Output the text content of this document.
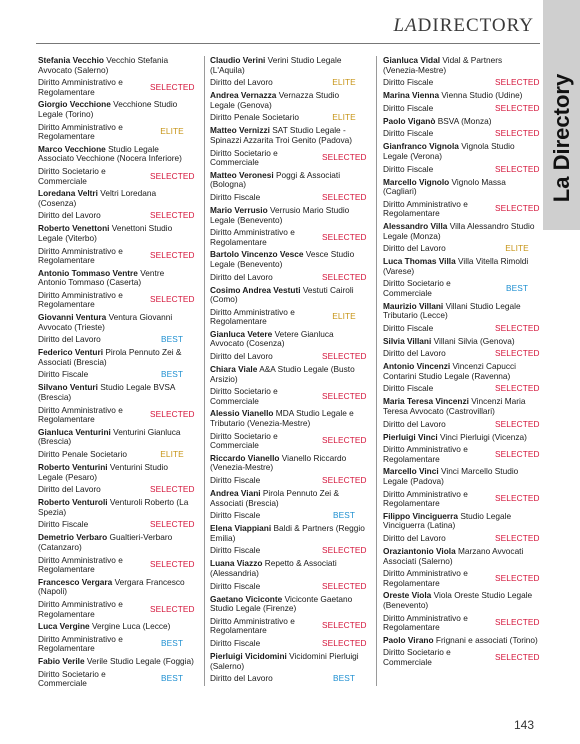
LADIRECTORY
La Directory
Stefania Vecchio Vecchio Stefania Avvocato (Salerno)
Diritto Amministrativo e Regolamentare	SELECTED
Giorgio Vecchione Vecchione Studio Legale (Torino)
Diritto Amministrativo e Regolamentare	ELITE
Marco Vecchione Studio Legale Associato Vecchione (Nocera Inferiore)
Diritto Societario e Commerciale	SELECTED
Loredana Veltri Veltri Loredana (Cosenza)
Diritto del Lavoro	SELECTED
Roberto Venettoni Venettoni Studio Legale (Viterbo)
Diritto Amministrativo e Regolamentare	SELECTED
Antonio Tommaso Ventre Ventre Antonio Tommaso (Caserta)
Diritto Amministrativo e Regolamentare	SELECTED
Giovanni Ventura Ventura Giovanni Avvocato (Trieste)
Diritto del Lavoro	BEST
Federico Venturi Pirola Pennuto Zei & Associati (Brescia)
Diritto Fiscale	BEST
Silvano Venturi Studio Legale BVSA (Brescia)
Diritto Amministrativo e Regolamentare	SELECTED
Gianluca Venturini Venturini Gianluca (Brescia)
Diritto Penale Societario	ELITE
Roberto Venturini Venturini Studio Legale (Pesaro)
Diritto del Lavoro	SELECTED
Roberto Venturoli Venturoli Roberto (La Spezia)
Diritto Fiscale	SELECTED
Demetrio Verbaro Gualtieri-Verbaro (Catanzaro)
Diritto Amministrativo e Regolamentare	SELECTED
Francesco Vergara Vergara Francesco (Napoli)
Diritto Amministrativo e Regolamentare	SELECTED
Luca Vergine Vergine Luca (Lecce)
Diritto Amministrativo e Regolamentare	BEST
Fabio Verile Verile Studio Legale (Foggia)
Diritto Societario e Commerciale	BEST
Claudio Verini Verini Studio Legale (L'Aquila)
Diritto del Lavoro	ELITE
Andrea Vernazza Vernazza Studio Legale (Genova)
Diritto Penale Societario	ELITE
Matteo Vernizzi SAT Studio Legale - Spinazzi Azzarita Troi Genito (Padova)
Diritto Societario e Commerciale	SELECTED
Matteo Veronesi Poggi & Associati (Bologna)
Diritto Fiscale	SELECTED
Mario Verrusio Verrusio Mario Studio Legale (Benevento)
Diritto Amministrativo e Regolamentare	SELECTED
Bartolo Vincenzo Vesce Vesce Studio Legale (Benevento)
Diritto del Lavoro	SELECTED
Cosimo Andrea Vestuti Vestuti Cairoli (Como)
Diritto Amministrativo e Regolamentare	ELITE
Gianluca Vetere Vetere Gianluca Avvocato (Cosenza)
Diritto del Lavoro	SELECTED
Chiara Viale A&A Studio Legale (Busto Arsizio)
Diritto Societario e Commerciale	SELECTED
Alessio Vianello MDA Studio Legale e Tributario (Venezia-Mestre)
Diritto Societario e Commerciale	SELECTED
Riccardo Vianello Vianello Riccardo (Venezia-Mestre)
Diritto Fiscale	SELECTED
Andrea Viani Pirola Pennuto Zei & Associati (Brescia)
Diritto Fiscale	BEST
Elena Viappiani Baldi & Partners (Reggio Emilia)
Diritto Fiscale	SELECTED
Luana Viazzo Repetto & Associati (Alessandria)
Diritto Fiscale	SELECTED
Gaetano Viciconte Viciconte Gaetano Studio Legale (Firenze)
Diritto Amministrativo e Regolamentare	SELECTED
Diritto Fiscale	SELECTED
Pierluigi Vicidomini Vicidomini Pierluigi (Salerno)
Diritto del Lavoro	BEST
Gianluca Vidal Vidal & Partners (Venezia-Mestre)
Diritto Fiscale	SELECTED
Marina Vienna Vienna Studio (Udine)
Diritto Fiscale	SELECTED
Paolo Viganò BSVA (Monza)
Diritto Fiscale	SELECTED
Gianfranco Vignola Vignola Studio Legale (Verona)
Diritto Fiscale	SELECTED
Marcello Vignolo Vignolo Massa (Cagliari)
Diritto Amministrativo e Regolamentare	SELECTED
Alessandro Villa Villa Alessandro Studio Legale (Monza)
Diritto del Lavoro	ELITE
Luca Thomas Villa Villa Vitella Rimoldi (Varese)
Diritto Societario e Commerciale	BEST
Maurizio Villani Villani Studio Legale Tributario (Lecce)
Diritto Fiscale	SELECTED
Silvia Villani Villani Silvia (Genova)
Diritto del Lavoro	SELECTED
Antonio Vincenzi Vincenzi Capucci Contarini Studio Legale (Ravenna)
Diritto Fiscale	SELECTED
Maria Teresa Vincenzi Vincenzi Maria Teresa Avvocato (Castrovillari)
Diritto del Lavoro	SELECTED
Pierluigi Vinci Vinci Pierluigi (Vicenza)
Diritto Amministrativo e Regolamentare	SELECTED
Marcello Vinci Vinci Marcello Studio Legale (Padova)
Diritto Amministrativo e Regolamentare	SELECTED
Filippo Vinciguerra Studio Legale Vinciguerra (Latina)
Diritto del Lavoro	SELECTED
Oraziantonio Viola Marzano Avvocati Associati (Salerno)
Diritto Amministrativo e Regolamentare	SELECTED
Oreste Viola Viola Oreste Studio Legale (Benevento)
Diritto Amministrativo e Regolamentare	SELECTED
Paolo Virano Frignani e associati (Torino)
Diritto Societario e Commerciale	SELECTED
143
